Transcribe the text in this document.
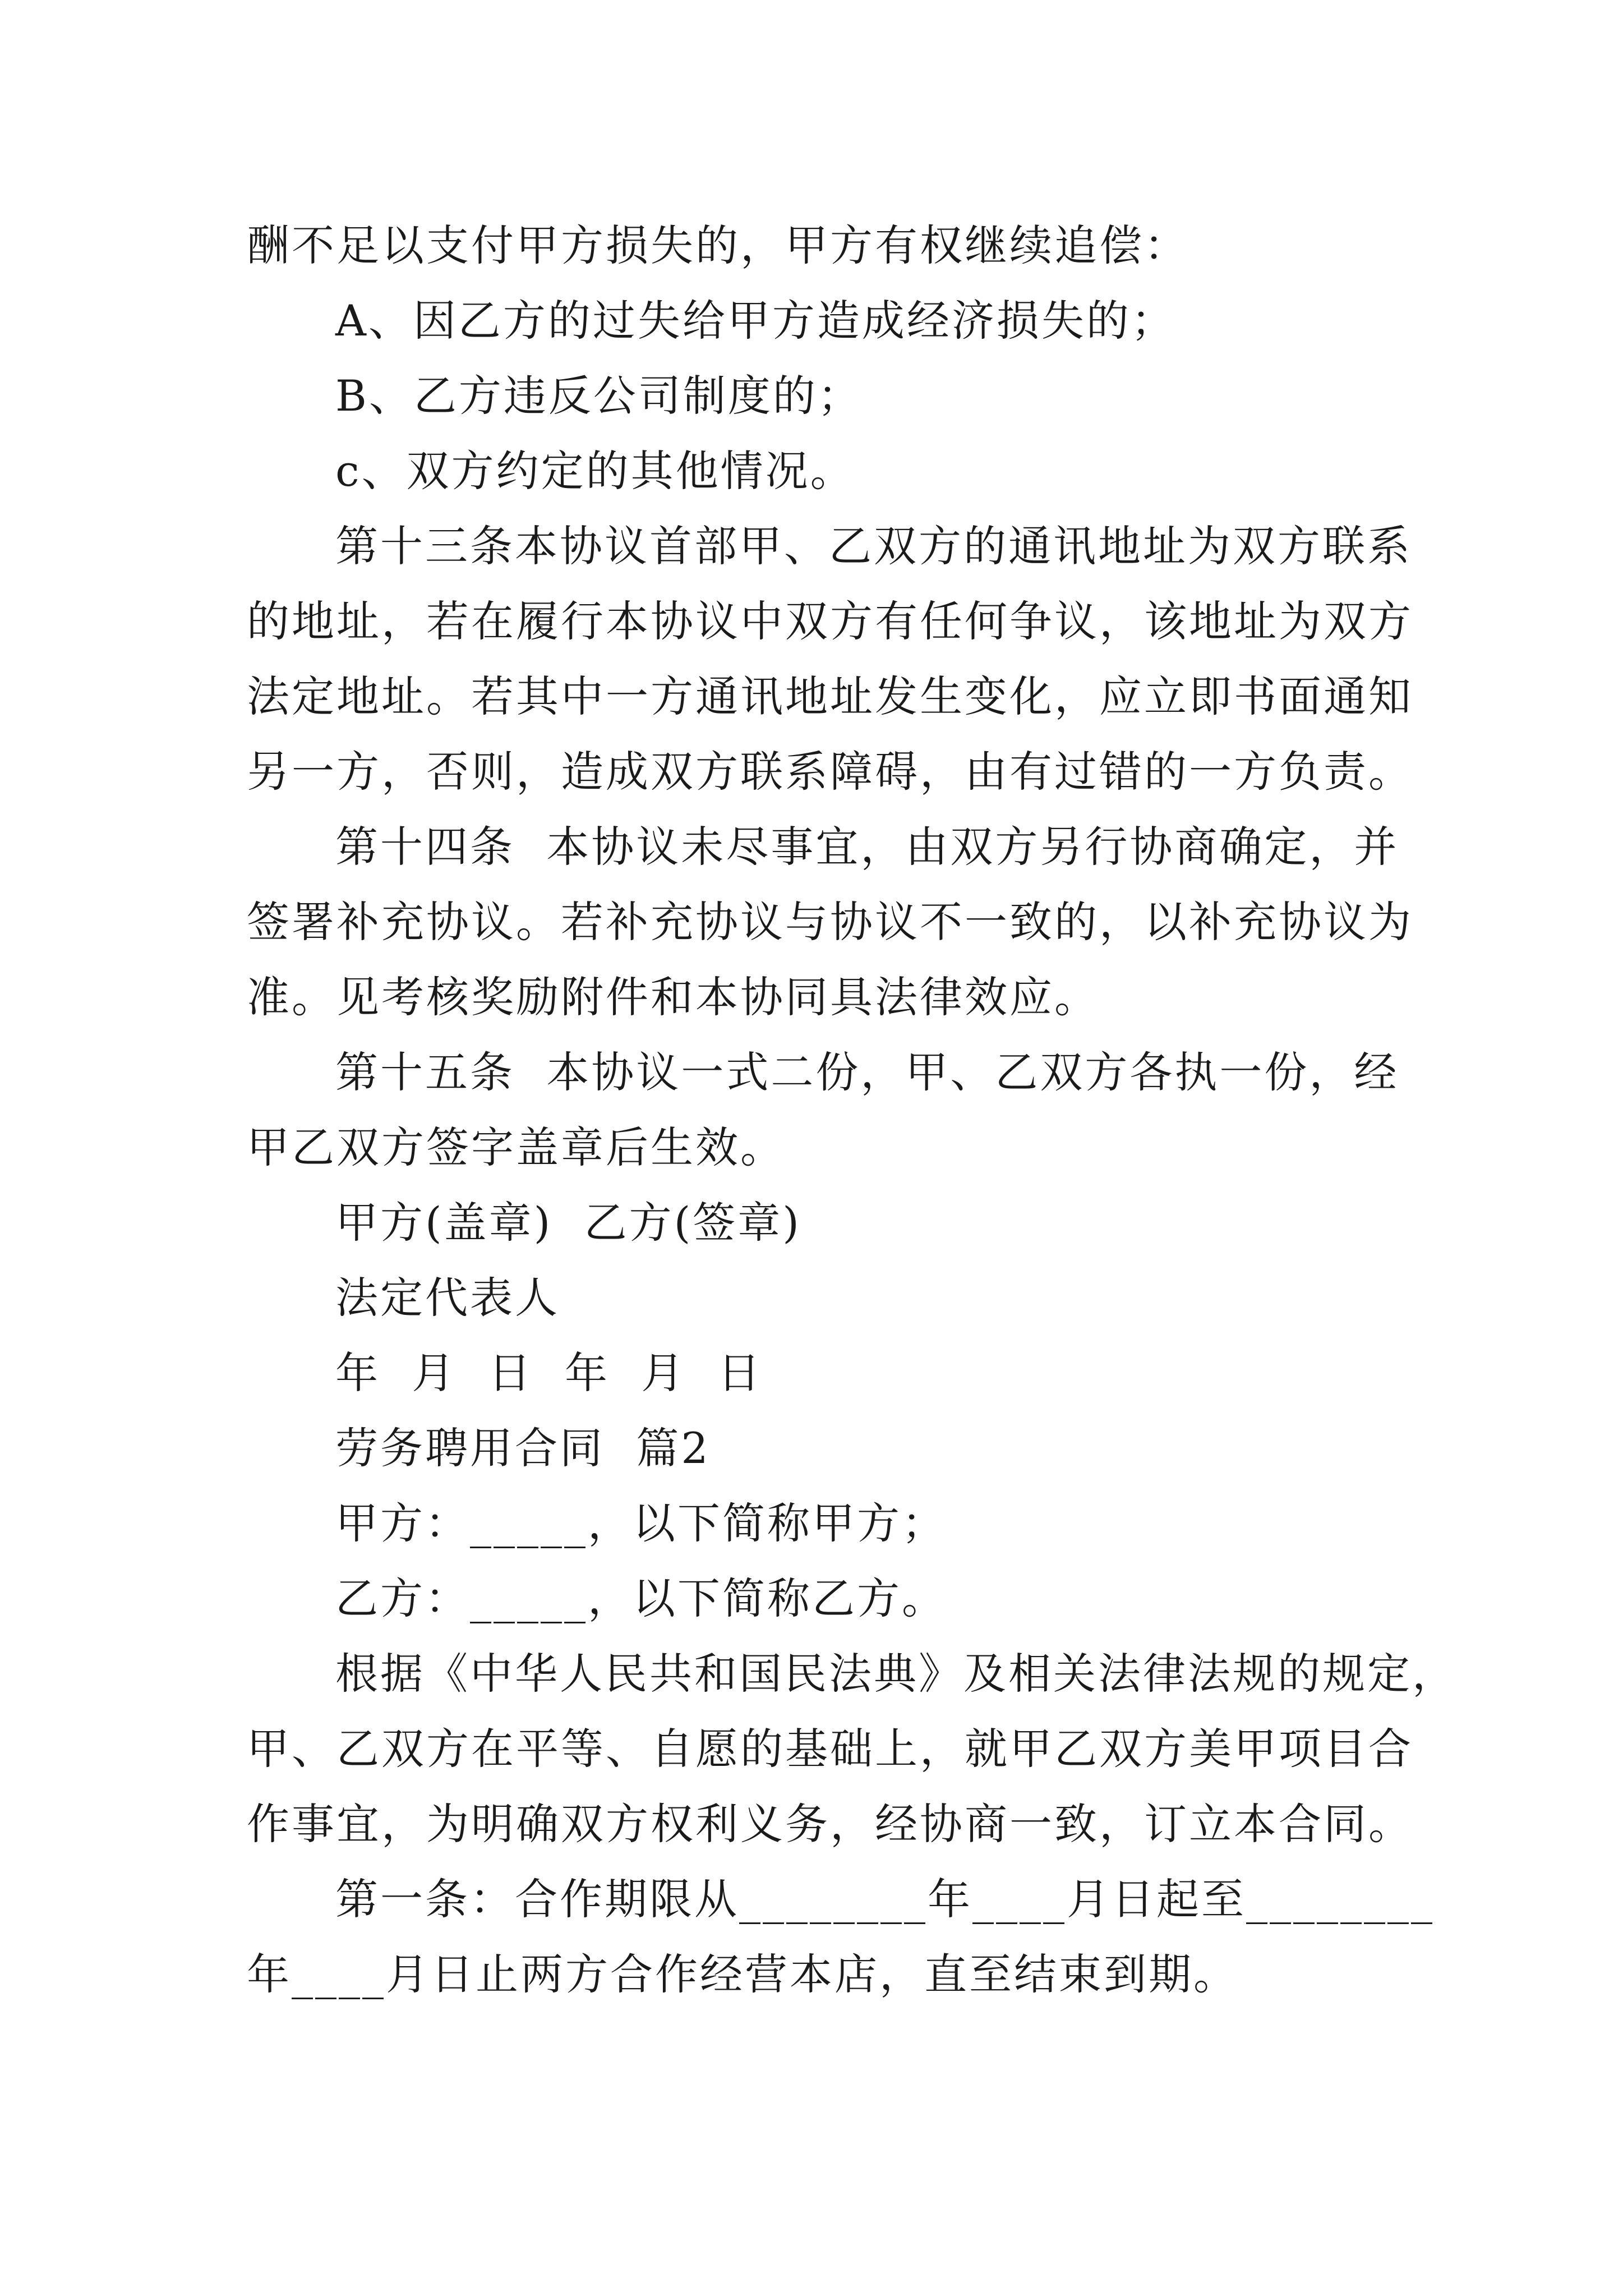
酬不足以支付甲方损失的，甲方有权继续追偿：

A、因乙方的过失给甲方造成经济损失的；

B、乙方违反公司制度的；

c、双方约定的其他情况。

第十三条本协议首部甲、乙双方的通讯地址为双方联系

的地址，若在履行本协议中双方有任何争议，该地址为双方

法定地址。若其中一方通讯地址发生变化，应立即书面通知

另一方，否则，造成双方联系障碍，由有过错的一方负责。

第十四条  本协议未尽事宜，由双方另行协商确定，并

签署补充协议。若补充协议与协议不一致的，以补充协议为

准。见考核奖励附件和本协同具法律效应。

第十五条  本协议一式二份，甲、乙双方各执一份，经

甲乙双方签字盖章后生效。

甲方(盖章)  乙方(签章)

法定代表人

年  月  日  年  月  日

劳务聘用合同  篇2

甲方：_____，以下简称甲方；

乙方：_____，以下简称乙方。

根据《中华人民共和国民法典》及相关法律法规的规定，

甲、乙双方在平等、自愿的基础上，就甲乙双方美甲项目合

作事宜，为明确双方权利义务，经协商一致，订立本合同。

第一条：合作期限从________年____月日起至________

年____月日止两方合作经营本店，直至结束到期。
